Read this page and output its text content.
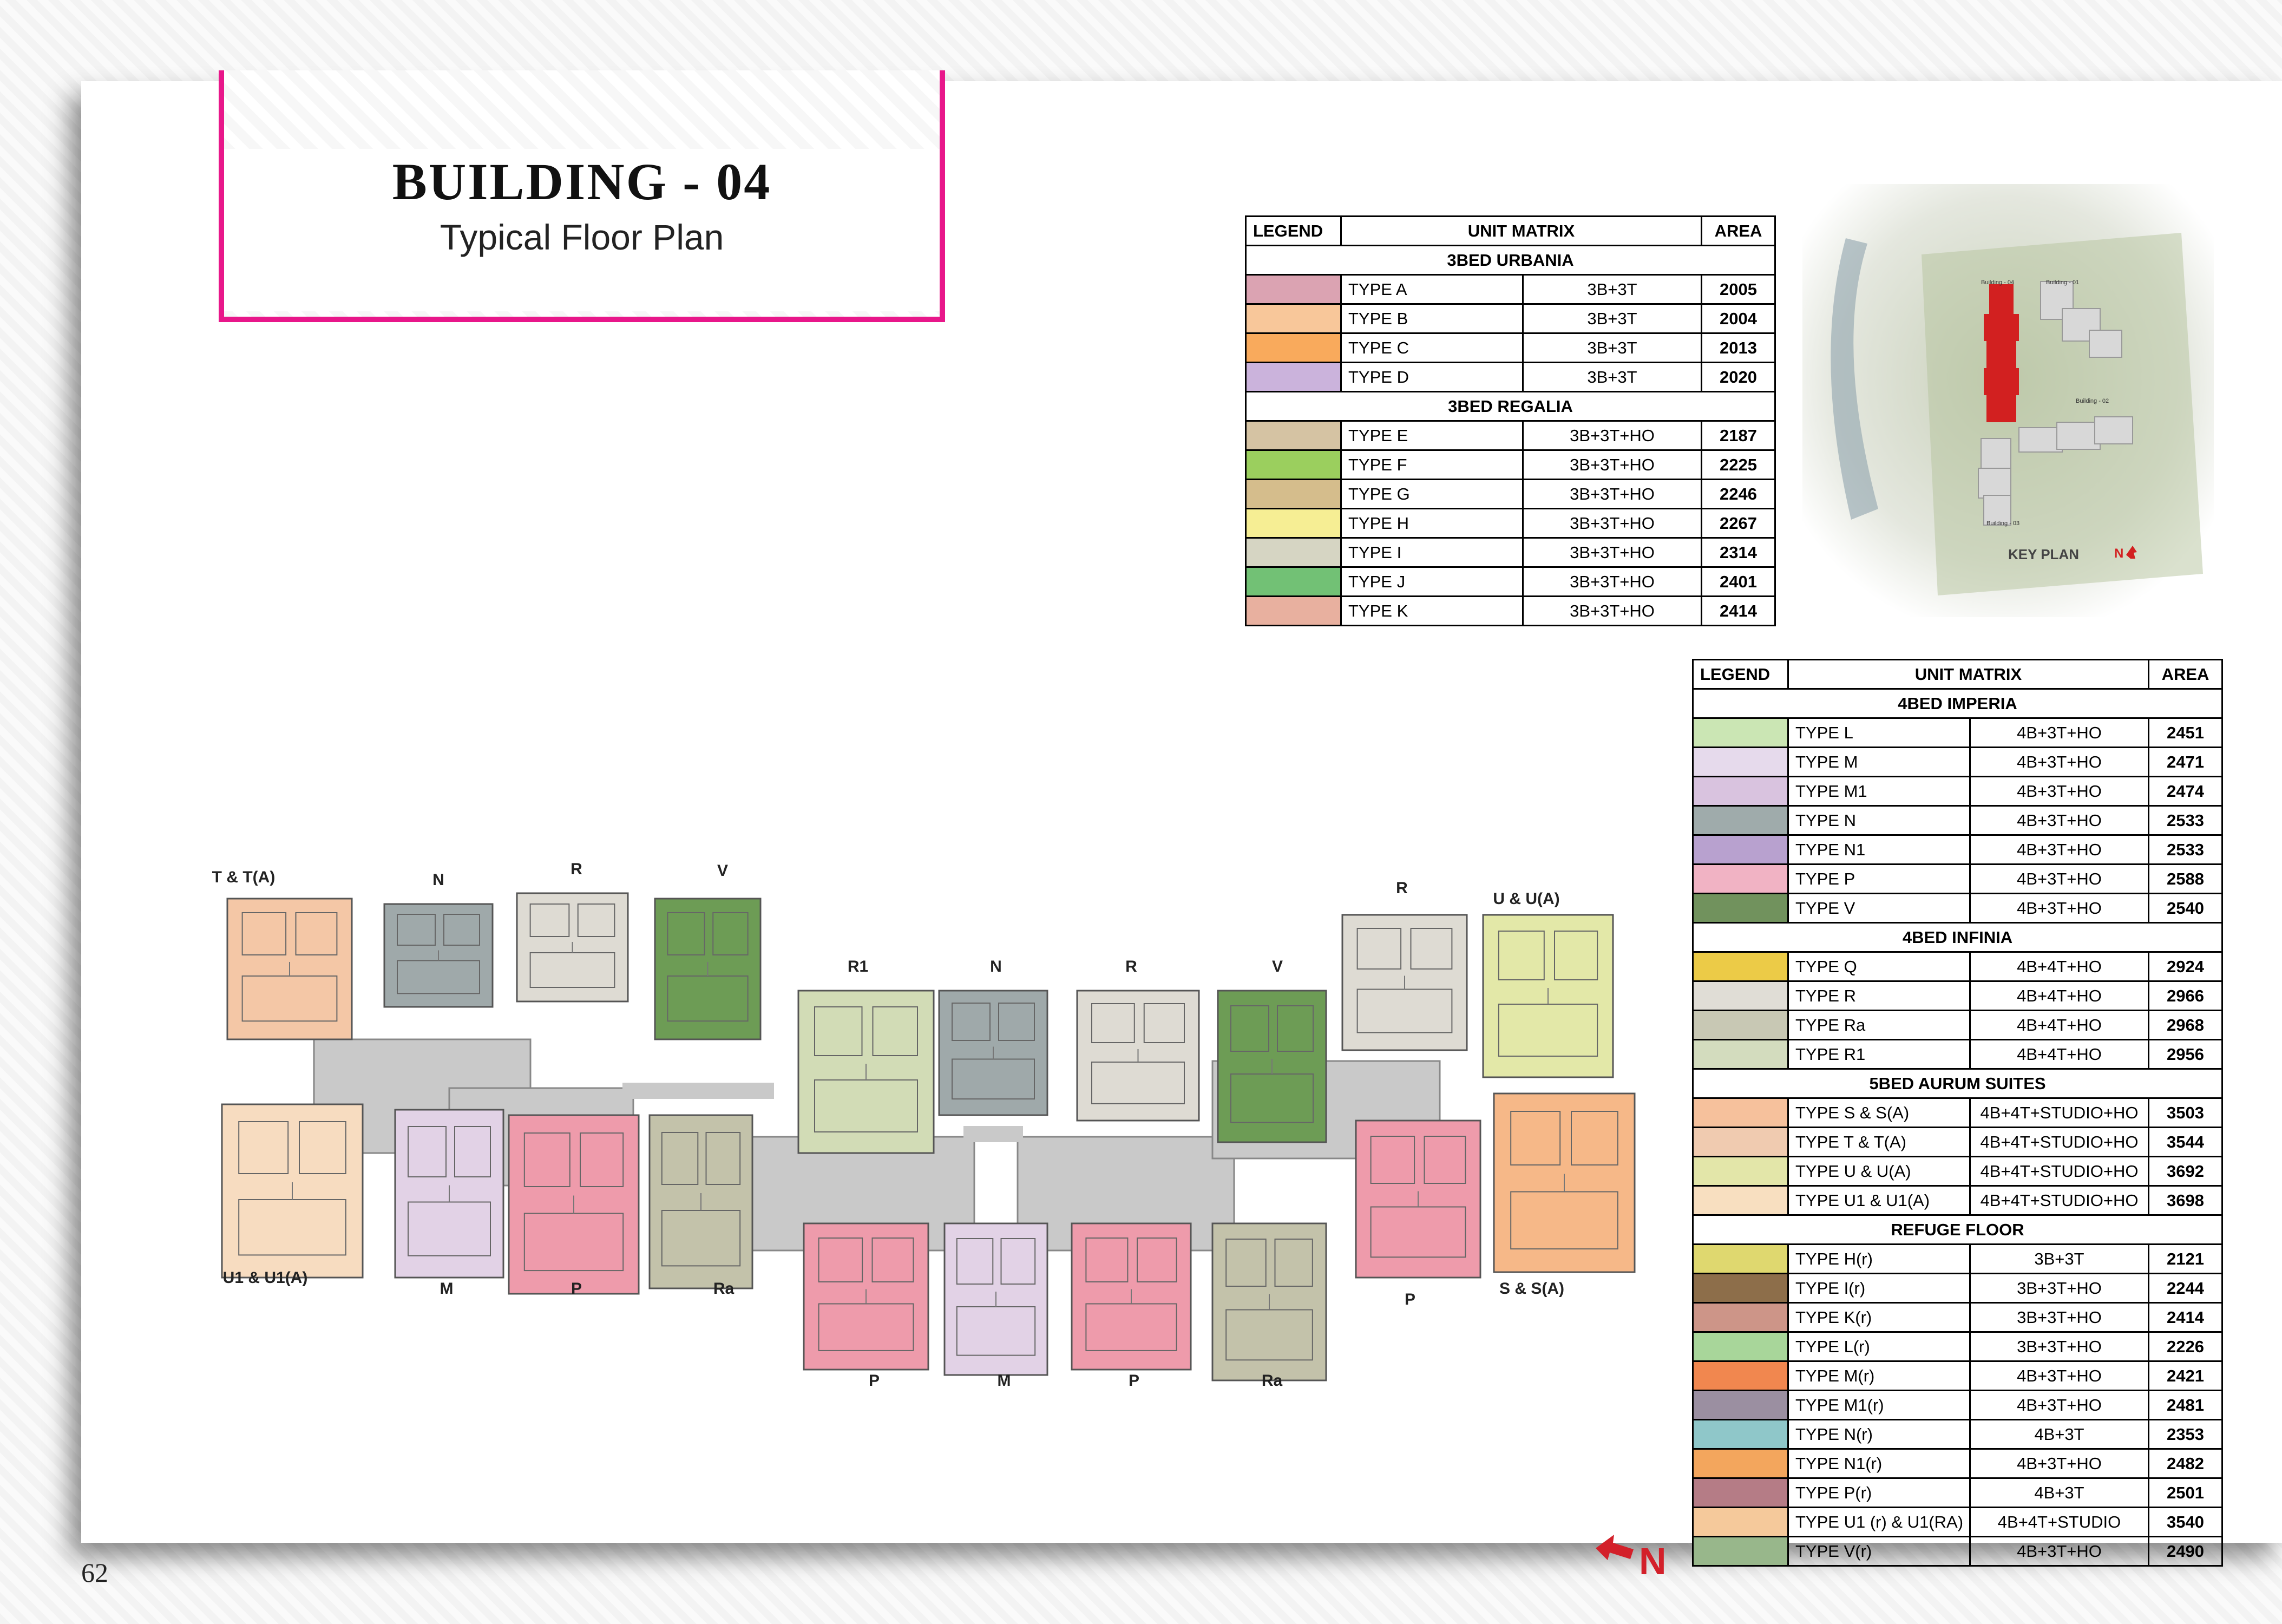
BUILDING - 04
Typical Floor Plan	LEGEND	UNIT MATRIX		AREA
3BED URBANIA			
	TYPE A	3B+3T	2005
	TYPE B	3B+3T	2004
	TYPE C	3B+3T	2013
	TYPE D	3B+3T	2020
3BED REGALIA			
	TYPE E	3B+3T+HO	2187
	TYPE F	3B+3T+HO	2225
	TYPE G	3B+3T+HO	2246
	TYPE H	3B+3T+HO	2267
	TYPE I	3B+3T+HO	2314
	TYPE J	3B+3T+HO	2401
	TYPE K	3B+3T+HO	2414
LEGEND	UNIT MATRIX		AREA
4BED IMPERIA			
	TYPE L	4B+3T+HO	2451
	TYPE M	4B+3T+HO	2471
	TYPE M1	4B+3T+HO	2474
	TYPE N	4B+3T+HO	2533
	TYPE N1	4B+3T+HO	2533
	TYPE P	4B+3T+HO	2588
	TYPE V	4B+3T+HO	2540
4BED INFINIA			
	TYPE Q	4B+4T+HO	2924
	TYPE R	4B+4T+HO	2966
	TYPE Ra	4B+4T+HO	2968
	TYPE R1	4B+4T+HO	2956
5BED AURUM SUITES			
	TYPE S & S(A)	4B+4T+STUDIO+HO	3503
	TYPE T & T(A)	4B+4T+STUDIO+HO	3544
	TYPE U & U(A)	4B+4T+STUDIO+HO	3692
	TYPE U1 & U1(A)	4B+4T+STUDIO+HO	3698
REFUGE FLOOR			
	TYPE H(r)	3B+3T	2121
	TYPE I(r)	3B+3T+HO	2244
	TYPE K(r)	3B+3T+HO	2414
	TYPE L(r)	3B+3T+HO	2226
	TYPE M(r)	4B+3T+HO	2421
	TYPE M1(r)	4B+3T+HO	2481
	TYPE N(r)	4B+3T	2353
	TYPE N1(r)	4B+3T+HO	2482
	TYPE P(r)	4B+3T	2501
	TYPE U1 (r) & U1(RA)	4B+4T+STUDIO	3540
	TYPE V(r)	4B+3T+HO	2490
Building - 04	Building - 01
Building - 02
Building - 03
KEY PLAN	N
T & T(A)	N
R	V
U1 & U1(A)
M	P	Ra
R1	N	R	V
P	M	P	Ra
R
U & U(A)
P
S & S(A)
N
62
